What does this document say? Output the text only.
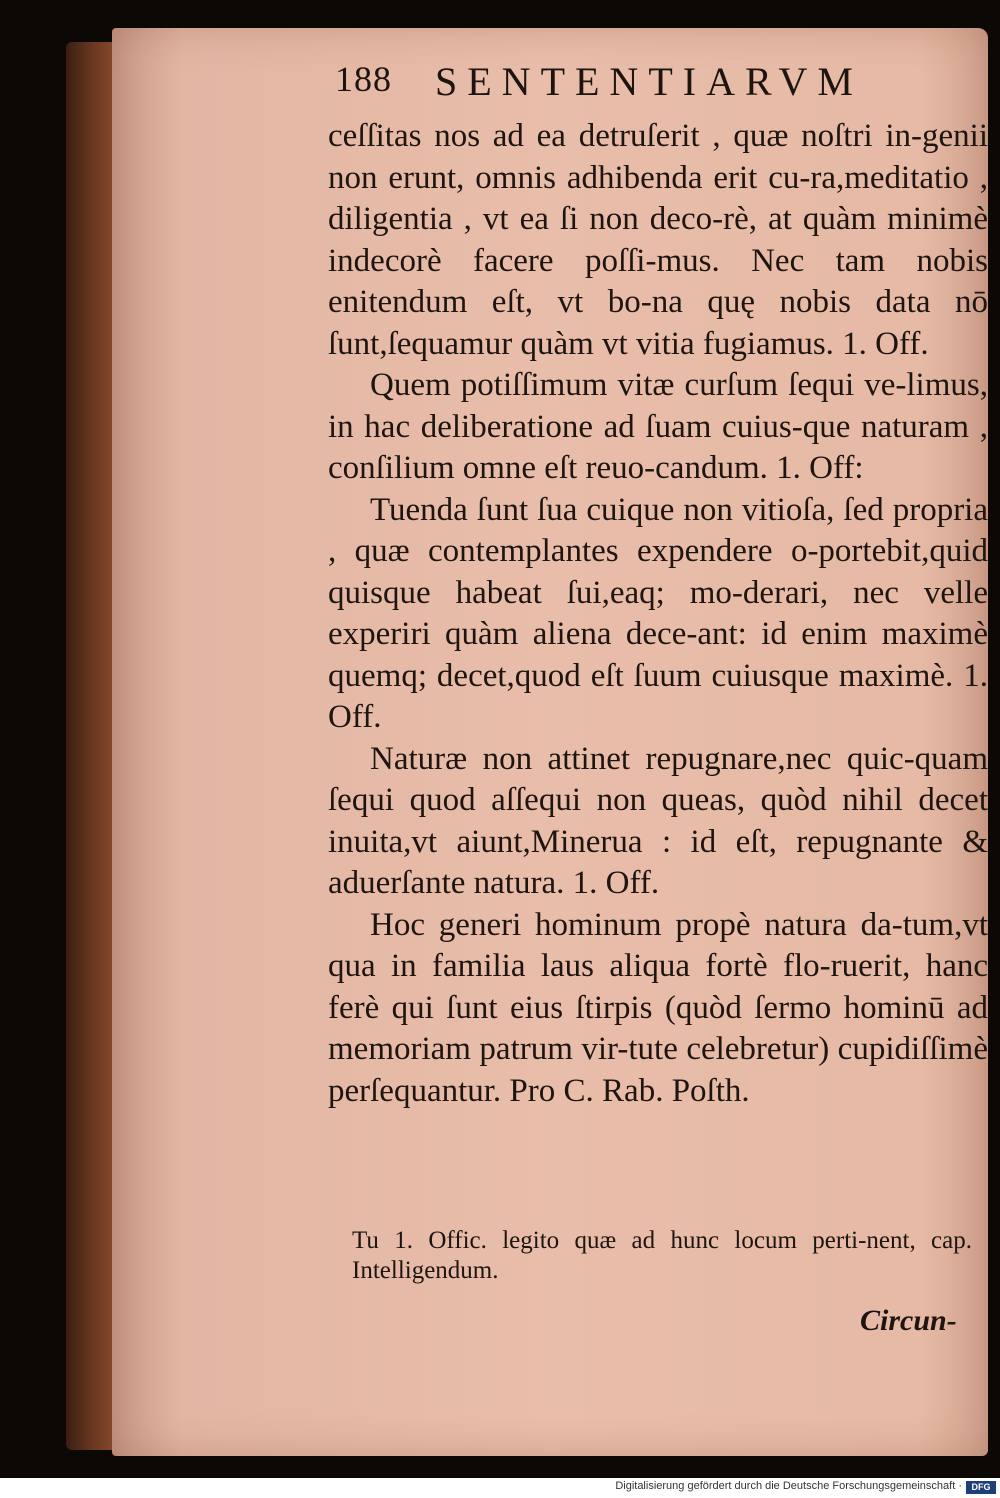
188 SENTENTIARVM

ceſſitas nos ad ea detruſerit , quæ noſtri in-genii non erunt, omnis adhibenda erit cu-ra,meditatio , diligentia , vt ea ſi non deco-rè, at quàm minimè indecorè facere poſſi-mus. Nec tam nobis enitendum eſt, vt bo-na quę nobis data nō ſunt,ſequamur quàm vt vitia fugiamus. 1. Off.

Quem potiſſimum vitæ curſum ſequi ve-limus, in hac deliberatione ad ſuam cuius-que naturam , conſilium omne eſt reuo-candum. 1. Off:

Tuenda ſunt ſua cuique non vitioſa, ſed propria , quæ contemplantes expendere o-portebit,quid quisque habeat ſui,eaq; mo-derari, nec velle experiri quàm aliena dece-ant: id enim maximè quemq; decet,quod eſt ſuum cuiusque maximè. 1. Off.

Naturæ non attinet repugnare,nec quic-quam ſequi quod aſſequi non queas, quòd nihil decet inuita,vt aiunt,Minerua : id eſt, repugnante & aduerſante natura. 1. Off.

Hoc generi hominum propè natura da-tum,vt qua in familia laus aliqua fortè flo-ruerit, hanc ferè qui ſunt eius ſtirpis (quòd ſermo hominū ad memoriam patrum vir-tute celebretur) cupidiſſimè perſequantur. Pro C. Rab. Poſth.

Tu 1. Offic. legito quæ ad hunc locum perti-nent, cap. Intelligendum.
Circun-
Digitalisierung gefördert durch die Deutsche Forschungsgemeinschaft ·	DFG
